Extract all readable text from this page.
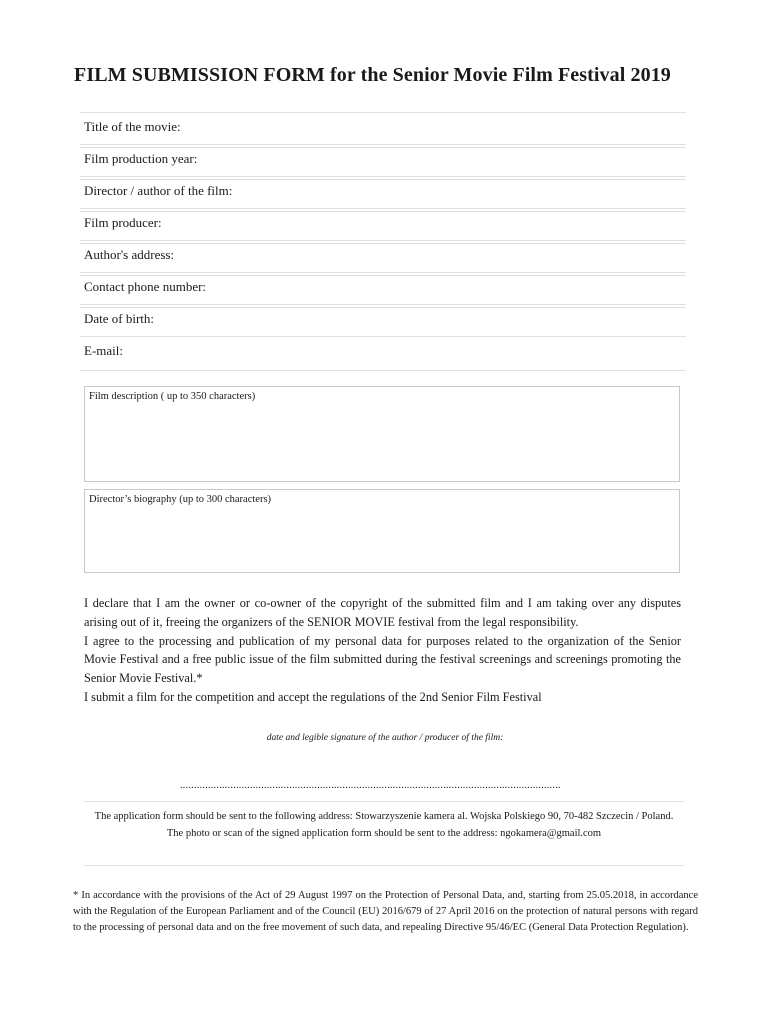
FILM SUBMISSION FORM for the Senior Movie Film Festival 2019
Title of the movie:
Film production year:
Director / author of the film:
Film producer:
Author's address:
Contact phone number:
Date of birth:
E-mail:
Film description ( up to 350 characters)
Director’s biography (up to 300 characters)

I declare that I am the owner or co-owner of the copyright of the submitted film and I am taking over any disputes arising out of it, freeing the organizers of the SENIOR MOVIE festival from the legal responsibility.

I agree to the processing and publication of my personal data for purposes related to the organization of the Senior Movie Festival and a free public issue of the film submitted during the festival screenings and screenings promoting the Senior Movie Festival.*

I submit a film for the competition and accept the regulations of the 2nd Senior Film Festival

date and legible signature of the author / producer of the film:
........................................................................................................................................

The application form should be sent to the following address: Stowarzyszenie kamera al. Wojska Polskiego 90, 70-482 Szczecin / Poland.

The photo or scan of the signed application form should be sent to the address: ngokamera@gmail.com

* In accordance with the provisions of the Act of 29 August 1997 on the Protection of Personal Data, and, starting from 25.05.2018, in accordance with the Regulation of the European Parliament and of the Council (EU) 2016/679 of 27 April 2016 on the protection of natural persons with regard to the processing of personal data and on the free movement of such data, and repealing Directive 95/46/EC (General Data Protection Regulation).
